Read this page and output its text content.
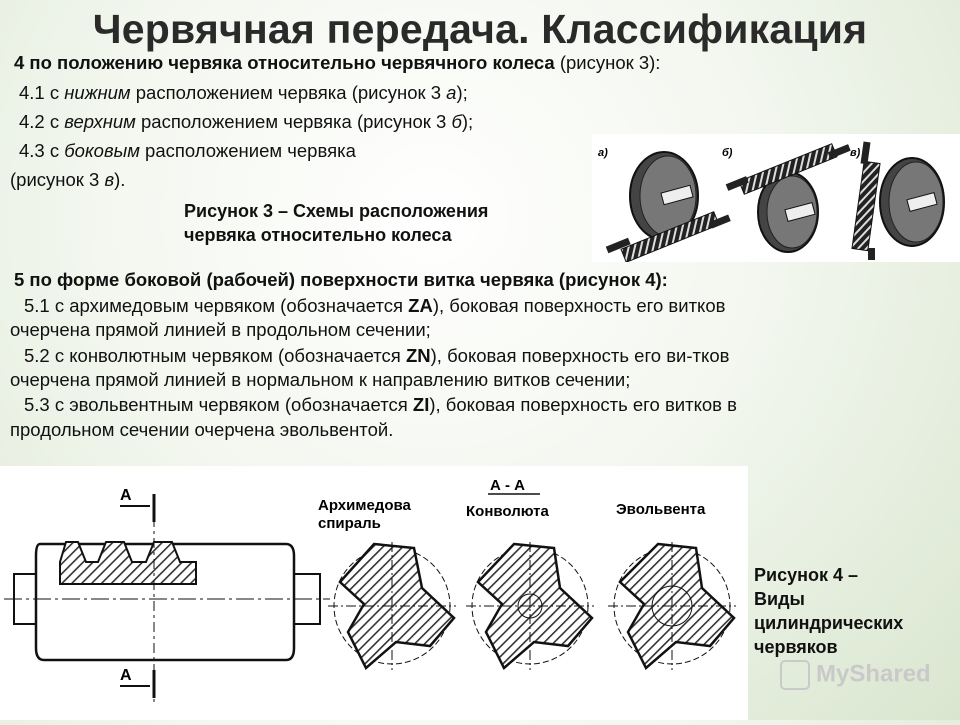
Червячная передача. Классификация
4 по положению червяка относительно червячного колеса (рисунок 3):
4.1 с нижним расположением червяка (рисунок 3 а);
4.2 с верхним расположением червяка (рисунок 3 б);
4.3 с боковым расположением червяка
(рисунок 3 в).
Рисунок 3 – Схемы расположения
червяка относительно колеса
а)	б)	в)
5 по форме боковой (рабочей) поверхности витка червяка (рисунок 4):
5.1 с архимедовым червяком (обозначается ZA), боковая поверхность его витков
очерчена прямой линией в продольном сечении;
5.2 с конволютным червяком (обозначается ZN), боковая поверхность его ви-тков
очерчена прямой линией в нормальном к направлению витков сечении;
5.3 с эвольвентным червяком (обозначается ZI), боковая поверхность его витков в
продольном сечении очерчена эвольвентой.
А
А
Архимедова
спираль
А - А
Конволюта	Эвольвента
Рисунок 4 –
Виды
цилиндрических
червяков
MyShared
